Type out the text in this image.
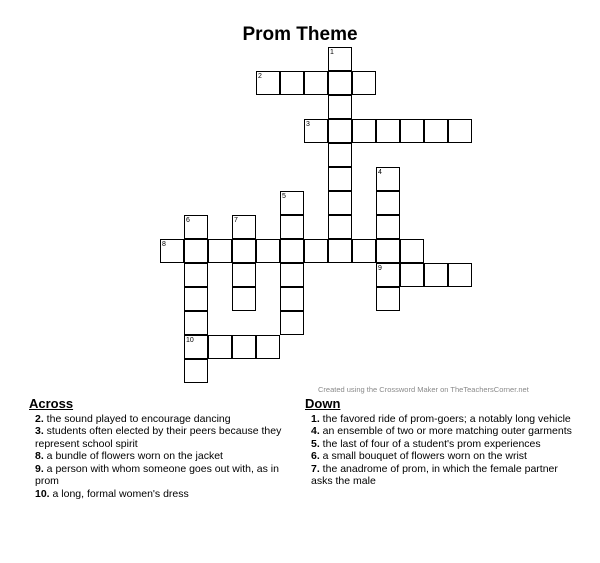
Prom Theme
1
2
3
4
5
6	7
8
9
10
Created using the Crossword Maker on TheTeachersCorner.net
Across

2. the sound played to encourage dancing

3. students often elected by their peers because they represent school spirit

8. a bundle of flowers worn on the jacket

9. a person with whom someone goes out with, as in prom

10. a long, formal women's dress

Down

1. the favored ride of prom-goers; a notably long vehicle

4. an ensemble of two or more matching outer garments

5. the last of four of a student's prom experiences

6. a small bouquet of flowers worn on the wrist

7. the anadrome of prom, in which the female partner asks the male
